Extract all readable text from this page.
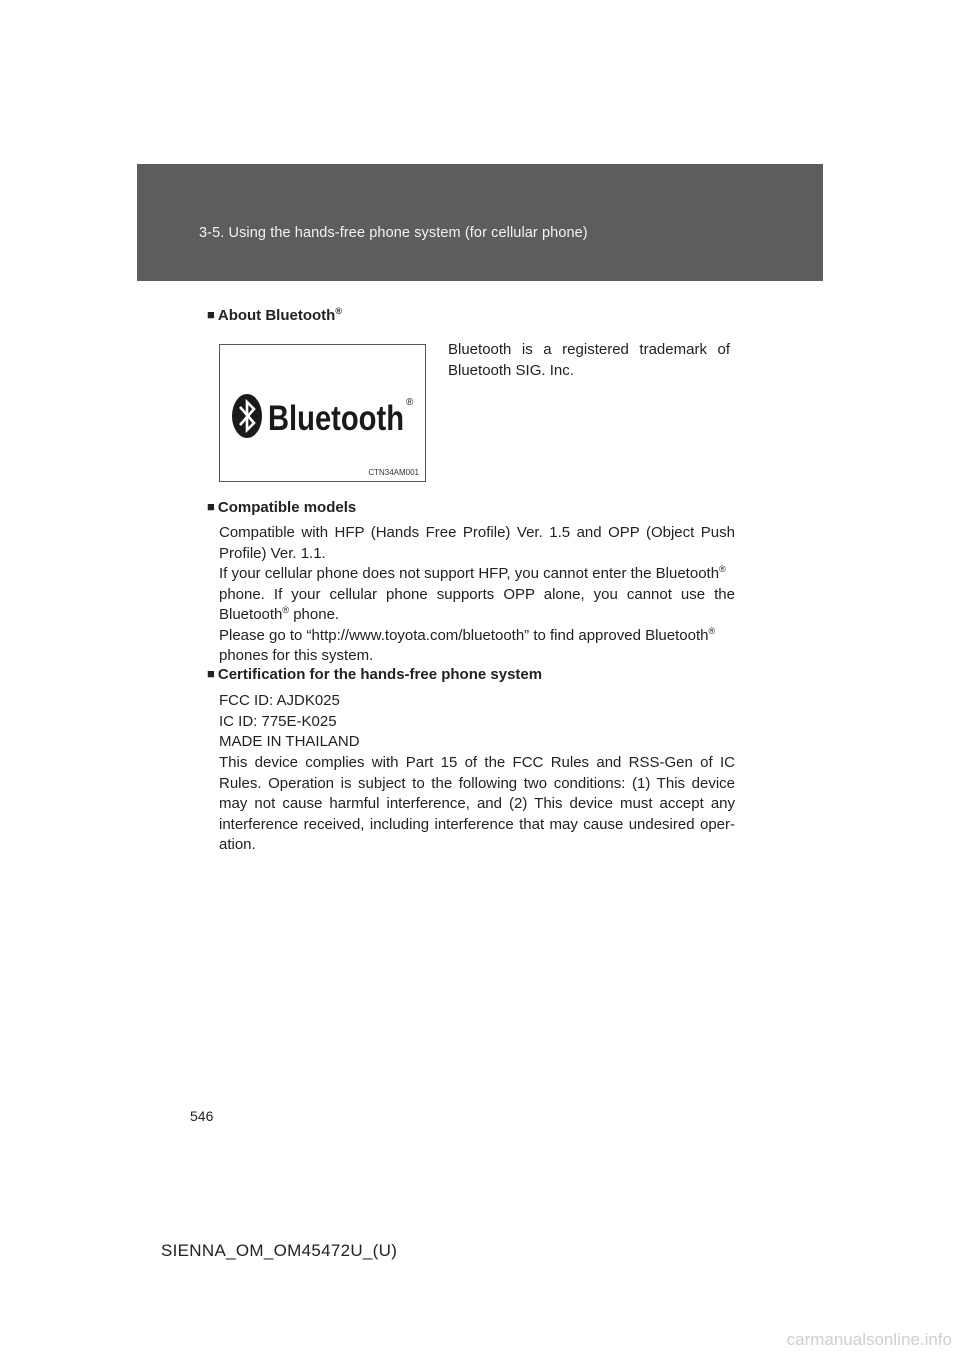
3-5. Using the hands-free phone system (for cellular phone)
■ About Bluetooth®
Bluetooth ®
CTN34AM001
Bluetooth is a registered trademark of Bluetooth SIG. Inc.
■ Compatible models
Compatible with HFP (Hands Free Profile) Ver. 1.5 and OPP (Object Push
Profile) Ver. 1.1.
If your cellular phone does not support HFP, you cannot enter the Bluetooth®
phone. If your cellular phone supports OPP alone, you cannot use the
Bluetooth® phone.
Please go to “http://www.toyota.com/bluetooth” to find approved Bluetooth®
phones for this system.
■ Certification for the hands-free phone system
FCC ID: AJDK025
IC ID: 775E-K025
MADE IN THAILAND
This device complies with Part 15 of the FCC Rules and RSS-Gen of IC
Rules. Operation is subject to the following two conditions: (1) This device
may not cause harmful interference, and (2) This device must accept any
interference received, including interference that may cause undesired oper-
ation.
546
SIENNA_OM_OM45472U_(U)
carmanualsonline.info
